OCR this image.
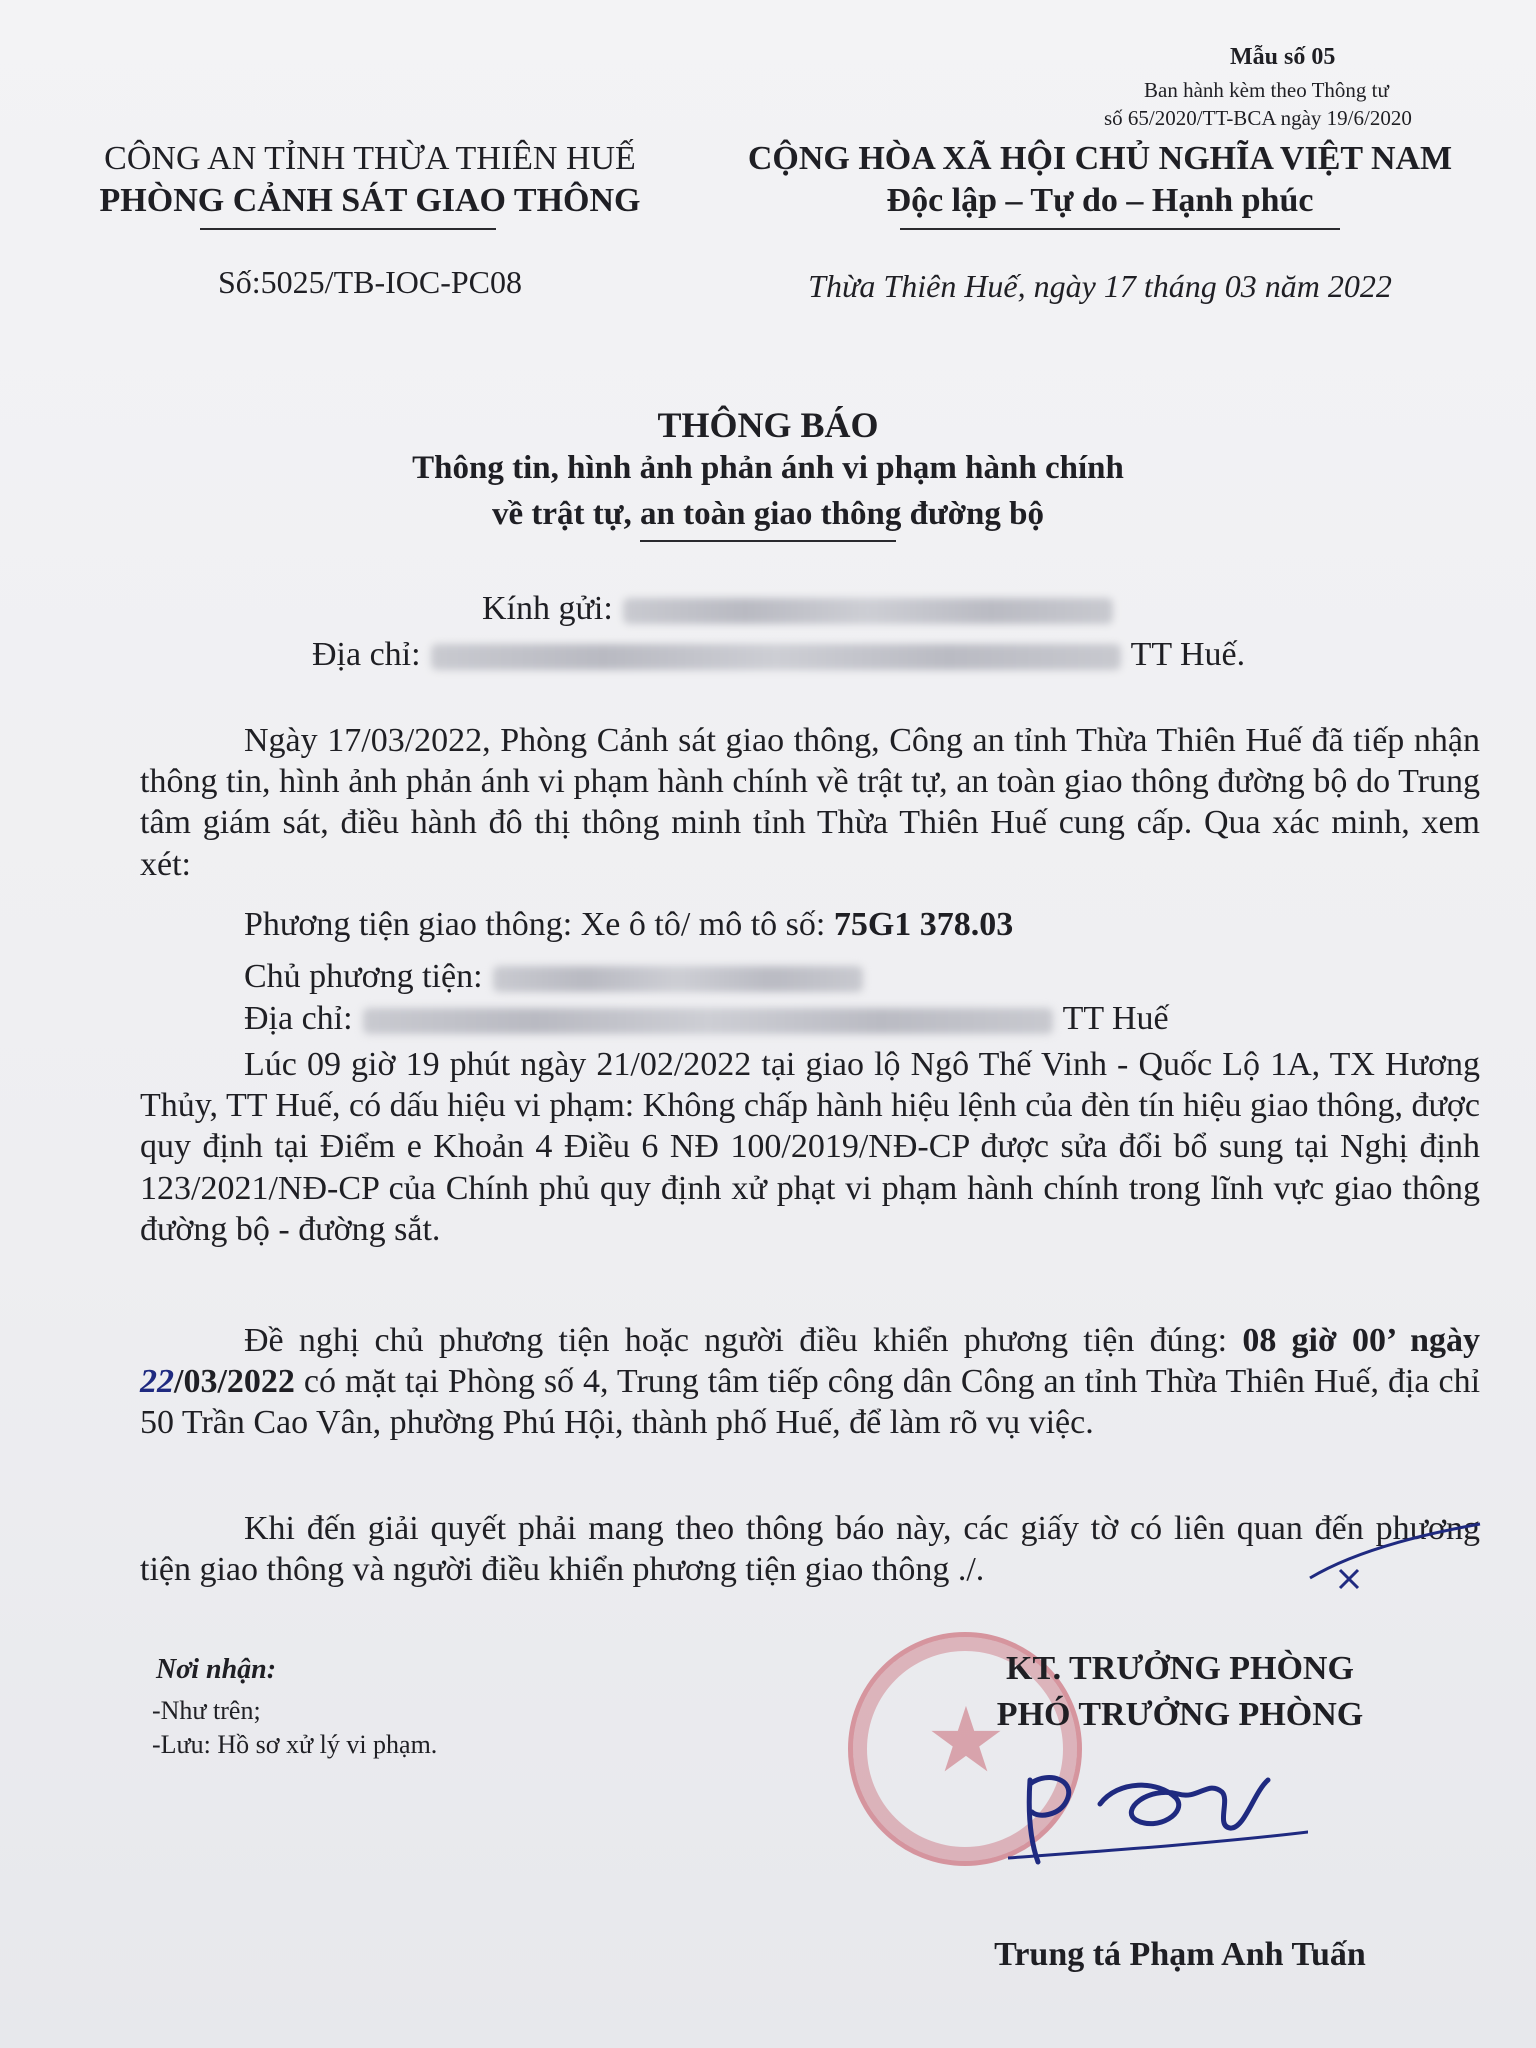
Mẫu số 05
Ban hành kèm theo Thông tư
số 65/2020/TT-BCA ngày 19/6/2020
CÔNG AN TỈNH THỪA THIÊN HUẾ
PHÒNG CẢNH SÁT GIAO THÔNG
Số:5025/TB-IOC-PC08
CỘNG HÒA XÃ HỘI CHỦ NGHĨA VIỆT NAM
Độc lập – Tự do – Hạnh phúc
Thừa Thiên Huế, ngày 17 tháng 03 năm 2022
THÔNG BÁO
Thông tin, hình ảnh phản ánh vi phạm hành chính
về trật tự, an toàn giao thông đường bộ
Kính gửi:
Địa chỉ:	TT Huế.

Ngày 17/03/2022, Phòng Cảnh sát giao thông, Công an tỉnh Thừa Thiên Huế đã tiếp nhận thông tin, hình ảnh phản ánh vi phạm hành chính về trật tự, an toàn giao thông đường bộ do Trung tâm giám sát, điều hành đô thị thông minh tỉnh Thừa Thiên Huế cung cấp. Qua xác minh, xem xét:

Phương tiện giao thông: Xe ô tô/ mô tô số: 75G1 378.03
Chủ phương tiện:
Địa chỉ:	TT Huế

Lúc 09 giờ 19 phút ngày 21/02/2022 tại giao lộ Ngô Thế Vinh - Quốc Lộ 1A, TX Hương Thủy, TT Huế, có dấu hiệu vi phạm: Không chấp hành hiệu lệnh của đèn tín hiệu giao thông, được quy định tại Điểm e Khoản 4 Điều 6 NĐ 100/2019/NĐ-CP được sửa đổi bổ sung tại Nghị định 123/2021/NĐ-CP của Chính phủ quy định xử phạt vi phạm hành chính trong lĩnh vực giao thông đường bộ - đường sắt.

Đề nghị chủ phương tiện hoặc người điều khiển phương tiện đúng: 08 giờ 00’ ngày 22/03/2022 có mặt tại Phòng số 4, Trung tâm tiếp công dân Công an tỉnh Thừa Thiên Huế, địa chỉ 50 Trần Cao Vân, phường Phú Hội, thành phố Huế, để làm rõ vụ việc.

Khi đến giải quyết phải mang theo thông báo này, các giấy tờ có liên quan đến phương tiện giao thông và người điều khiển phương tiện giao thông ./.

Nơi nhận:
-Như trên;
-Lưu: Hồ sơ xử lý vi phạm.	★
KT. TRƯỞNG PHÒNG
PHÓ TRƯỞNG PHÒNG
Trung tá Phạm Anh Tuấn
